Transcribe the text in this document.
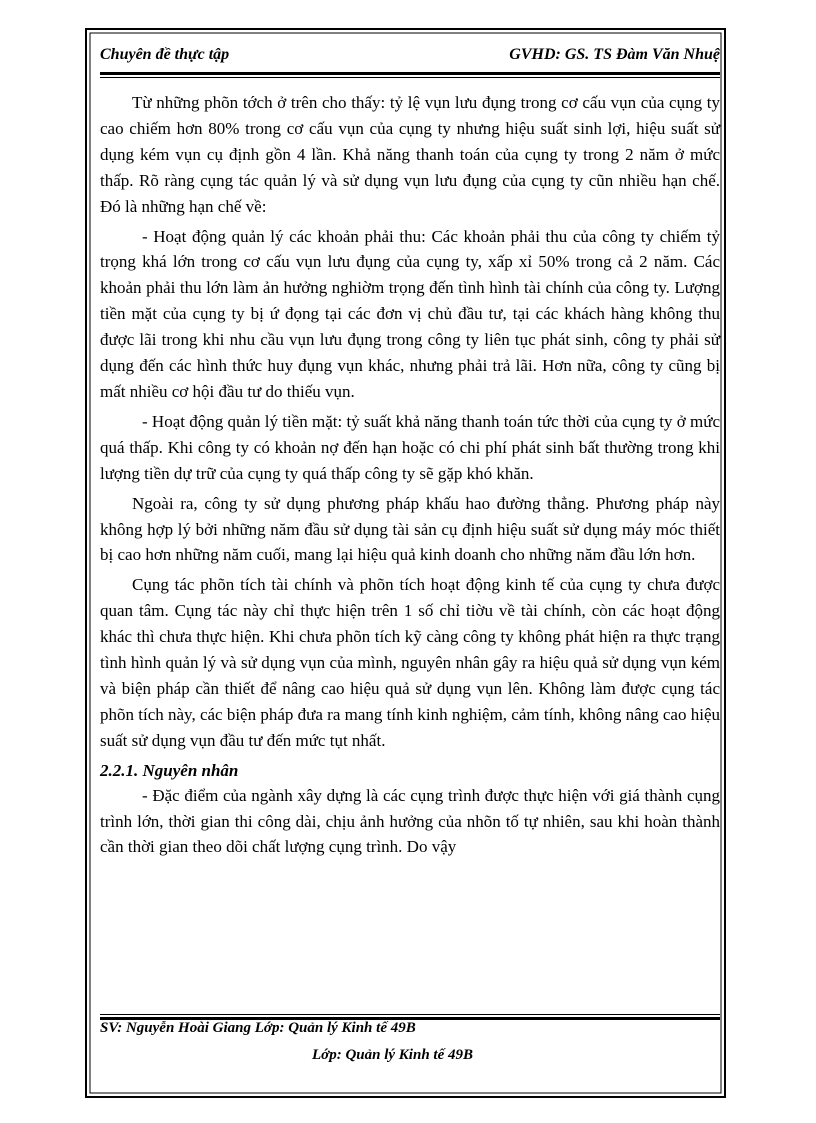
Chuyên đề thực tập	GVHD: GS. TS Đàm Văn Nhuệ

Từ những phõn tớch ở trên cho thấy: tỷ lệ vụn lưu đụng trong cơ cấu vụn của cụng ty cao chiếm hơn 80% trong cơ cấu vụn của cụng ty nhưng hiệu suất sinh lợi, hiệu suất sử dụng kém vụn cụ định gồn 4 lần. Khả năng thanh toán của cụng ty trong 2 năm ở mức thấp. Rõ ràng cụng tác quản lý và sử dụng vụn lưu đụng của cụng ty cũn nhiều hạn chế. Đó là những hạn chế về:

- Hoạt động quản lý các khoản phải thu: Các khoản phải thu của công ty chiếm tỷ trọng khá lớn trong cơ cấu vụn lưu đụng của cụng ty, xấp xỉ 50% trong cả 2 năm. Các khoản phải thu lớn làm ản hưởng nghiờm trọng đến tình hình tài chính của công ty. Lượng tiền mặt của cụng ty bị ứ đọng tại các đơn vị chủ đầu tư, tại các khách hàng không thu được lãi trong khi nhu cầu vụn lưu đụng trong công ty liên tục phát sinh, công ty phải sử dụng đến các hình thức huy đụng vụn khác, nhưng phải trả lãi. Hơn nữa, công ty cũng bị mất nhiều cơ hội đầu tư do thiếu vụn.

- Hoạt động quản lý tiền mặt: tỷ suất khả năng thanh toán tức thời của cụng ty ở mức quá thấp. Khi công ty có khoản nợ đến hạn hoặc có chi phí phát sinh bất thường trong khi lượng tiền dự trữ của cụng ty quá thấp công ty sẽ gặp khó khăn.

Ngoài ra, công ty sử dụng phương pháp khấu hao đường thẳng. Phương pháp này không hợp lý bởi những năm đầu sử dụng tài sản cụ định hiệu suất sử dụng máy móc thiết bị cao hơn những năm cuối, mang lại hiệu quả kinh doanh cho những năm đầu lớn hơn.

Cụng tác phõn tích tài chính và phõn tích hoạt động kinh tế của cụng ty chưa được quan tâm. Cụng tác này chỉ thực hiện trên 1 số chỉ tiờu về tài chính, còn các hoạt động khác thì chưa thực hiện. Khi chưa phõn tích kỹ càng công ty không phát hiện ra thực trạng tình hình quản lý và sử dụng vụn của mình, nguyên nhân gây ra hiệu quả sử dụng vụn kém và biện pháp cần thiết để nâng cao hiệu quả sử dụng vụn lên. Không làm được cụng tác phõn tích này, các biện pháp đưa ra mang tính kinh nghiệm, cảm tính, không nâng cao hiệu suất sử dụng vụn đầu tư đến mức tụt nhất.

2.2.1. Nguyên nhân

- Đặc điểm của ngành xây dựng là các cụng trình được thực hiện với giá thành cụng trình lớn, thời gian thi công dài, chịu ảnh hưởng của nhõn tố tự nhiên, sau khi hoàn thành cần thời gian theo dõi chất lượng cụng trình. Do vậy

SV: Nguyễn Hoài Giang Lớp: Quản lý Kinh tế 49B
Lớp: Quản lý Kinh tế 49B
